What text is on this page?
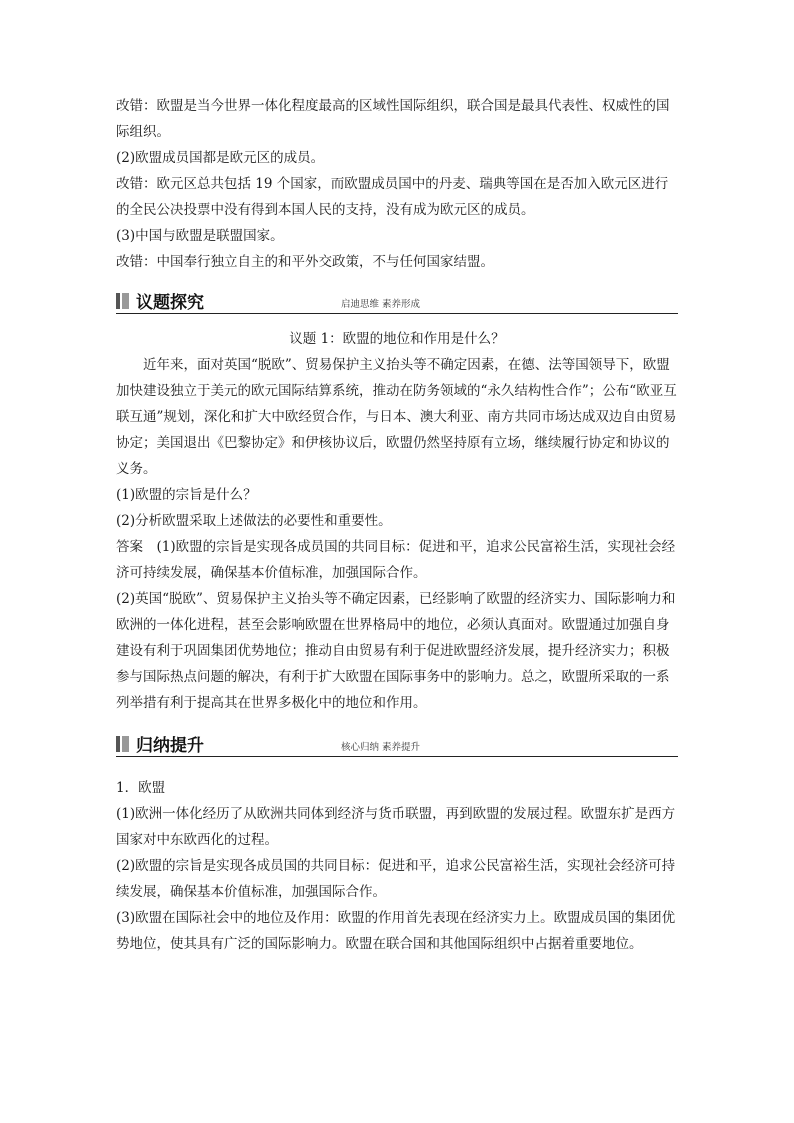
改错：欧盟是当今世界一体化程度最高的区域性国际组织，联合国是最具代表性、权威性的国际组织。

(2)欧盟成员国都是欧元区的成员。

改错：欧元区总共包括 19 个国家，而欧盟成员国中的丹麦、瑞典等国在是否加入欧元区进行的全民公决投票中没有得到本国人民的支持，没有成为欧元区的成员。

(3)中国与欧盟是联盟国家。

改错：中国奉行独立自主的和平外交政策，不与任何国家结盟。

议题探究	启迪思维 素养形成

议题 1：欧盟的地位和作用是什么？

近年来，面对英国“脱欧”、贸易保护主义抬头等不确定因素，在德、法等国领导下，欧盟加快建设独立于美元的欧元国际结算系统，推动在防务领域的“永久结构性合作”；公布“欧亚互联互通”规划，深化和扩大中欧经贸合作，与日本、澳大利亚、南方共同市场达成双边自由贸易协定；美国退出《巴黎协定》和伊核协议后，欧盟仍然坚持原有立场，继续履行协定和协议的义务。

(1)欧盟的宗旨是什么？

(2)分析欧盟采取上述做法的必要性和重要性。

答案　(1)欧盟的宗旨是实现各成员国的共同目标：促进和平，追求公民富裕生活，实现社会经济可持续发展，确保基本价值标准，加强国际合作。

(2)英国“脱欧”、贸易保护主义抬头等不确定因素，已经影响了欧盟的经济实力、国际影响力和欧洲的一体化进程，甚至会影响欧盟在世界格局中的地位，必须认真面对。欧盟通过加强自身建设有利于巩固集团优势地位；推动自由贸易有利于促进欧盟经济发展，提升经济实力；积极参与国际热点问题的解决，有利于扩大欧盟在国际事务中的影响力。总之，欧盟所采取的一系列举措有利于提高其在世界多极化中的地位和作用。

归纳提升	核心归纳 素养提升

1．欧盟

(1)欧洲一体化经历了从欧洲共同体到经济与货币联盟，再到欧盟的发展过程。欧盟东扩是西方国家对中东欧西化的过程。

(2)欧盟的宗旨是实现各成员国的共同目标：促进和平，追求公民富裕生活，实现社会经济可持续发展，确保基本价值标准，加强国际合作。

(3)欧盟在国际社会中的地位及作用：欧盟的作用首先表现在经济实力上。欧盟成员国的集团优势地位，使其具有广泛的国际影响力。欧盟在联合国和其他国际组织中占据着重要地位。
